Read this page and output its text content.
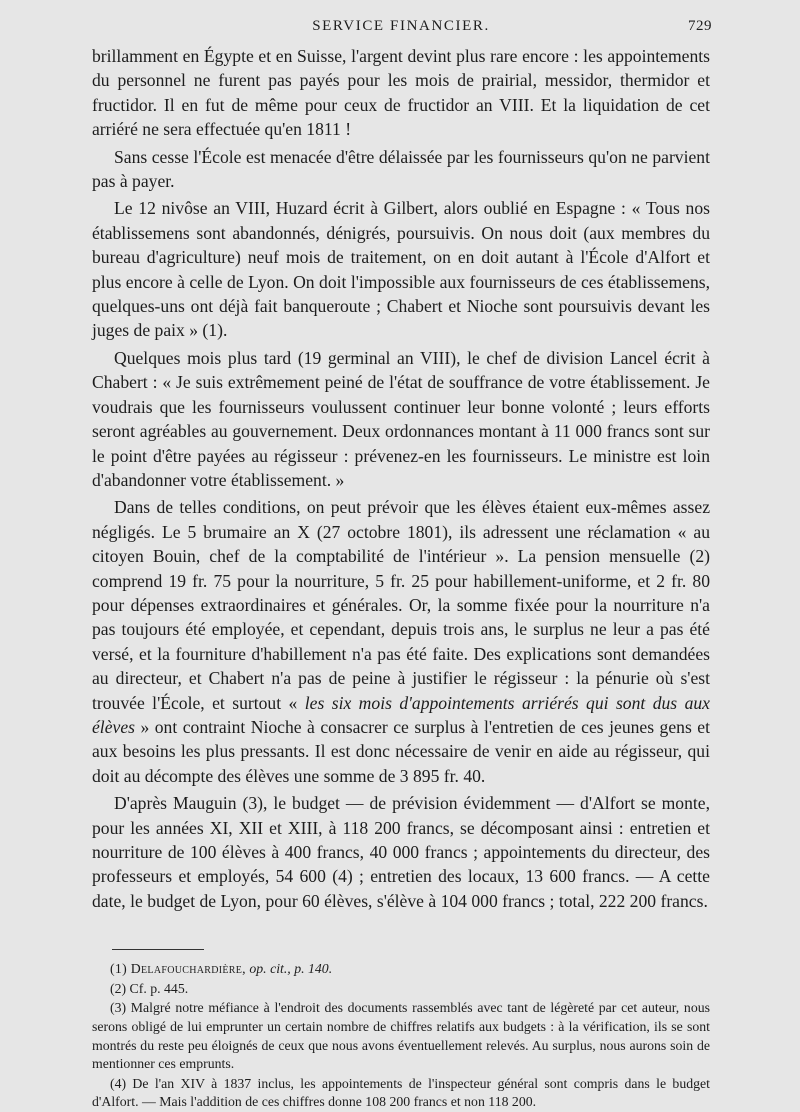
SERVICE FINANCIER.	729

brillamment en Égypte et en Suisse, l'argent devint plus rare encore : les appointements du personnel ne furent pas payés pour les mois de prairial, messidor, thermidor et fructidor. Il en fut de même pour ceux de fructidor an VIII. Et la liquidation de cet arriéré ne sera effectuée qu'en 1811 !

Sans cesse l'École est menacée d'être délaissée par les fournisseurs qu'on ne parvient pas à payer.

Le 12 nivôse an VIII, Huzard écrit à Gilbert, alors oublié en Espagne : « Tous nos établissemens sont abandonnés, dénigrés, poursuivis. On nous doit (aux membres du bureau d'agriculture) neuf mois de traitement, on en doit autant à l'École d'Alfort et plus encore à celle de Lyon. On doit l'impossible aux fournisseurs de ces établissemens, quelques-uns ont déjà fait banqueroute ; Chabert et Nioche sont poursuivis devant les juges de paix » (1).

Quelques mois plus tard (19 germinal an VIII), le chef de division Lancel écrit à Chabert : « Je suis extrêmement peiné de l'état de souffrance de votre établissement. Je voudrais que les fournisseurs voulussent continuer leur bonne volonté ; leurs efforts seront agréables au gouvernement. Deux ordonnances montant à 11 000 francs sont sur le point d'être payées au régisseur : prévenez-en les fournisseurs. Le ministre est loin d'abandonner votre établissement. »

Dans de telles conditions, on peut prévoir que les élèves étaient eux-mêmes assez négligés. Le 5 brumaire an X (27 octobre 1801), ils adressent une réclamation « au citoyen Bouin, chef de la comptabilité de l'intérieur ». La pension mensuelle (2) comprend 19 fr. 75 pour la nourriture, 5 fr. 25 pour habillement-uniforme, et 2 fr. 80 pour dépenses extraordinaires et générales. Or, la somme fixée pour la nourriture n'a pas toujours été employée, et cependant, depuis trois ans, le surplus ne leur a pas été versé, et la fourniture d'habillement n'a pas été faite. Des explications sont demandées au directeur, et Chabert n'a pas de peine à justifier le régisseur : la pénurie où s'est trouvée l'École, et surtout « les six mois d'appointements arriérés qui sont dus aux élèves » ont contraint Nioche à consacrer ce surplus à l'entretien de ces jeunes gens et aux besoins les plus pressants. Il est donc nécessaire de venir en aide au régisseur, qui doit au décompte des élèves une somme de 3 895 fr. 40.

D'après Mauguin (3), le budget — de prévision évidemment — d'Alfort se monte, pour les années XI, XII et XIII, à 118 200 francs, se décomposant ainsi : entretien et nourriture de 100 élèves à 400 francs, 40 000 francs ; appointements du directeur, des professeurs et employés, 54 600 (4) ; entretien des locaux, 13 600 francs. — A cette date, le budget de Lyon, pour 60 élèves, s'élève à 104 000 francs ; total, 222 200 francs.

(1) Delafouchardière, op. cit., p. 140.

(2) Cf. p. 445.

(3) Malgré notre méfiance à l'endroit des documents rassemblés avec tant de légèreté par cet auteur, nous serons obligé de lui emprunter un certain nombre de chiffres relatifs aux budgets : à la vérification, ils se sont montrés du reste peu éloignés de ceux que nous avons éventuellement relevés. Au surplus, nous aurons soin de mentionner ces emprunts.

(4) De l'an XIV à 1837 inclus, les appointements de l'inspecteur général sont compris dans le budget d'Alfort. — Mais l'addition de ces chiffres donne 108 200 francs et non 118 200.
